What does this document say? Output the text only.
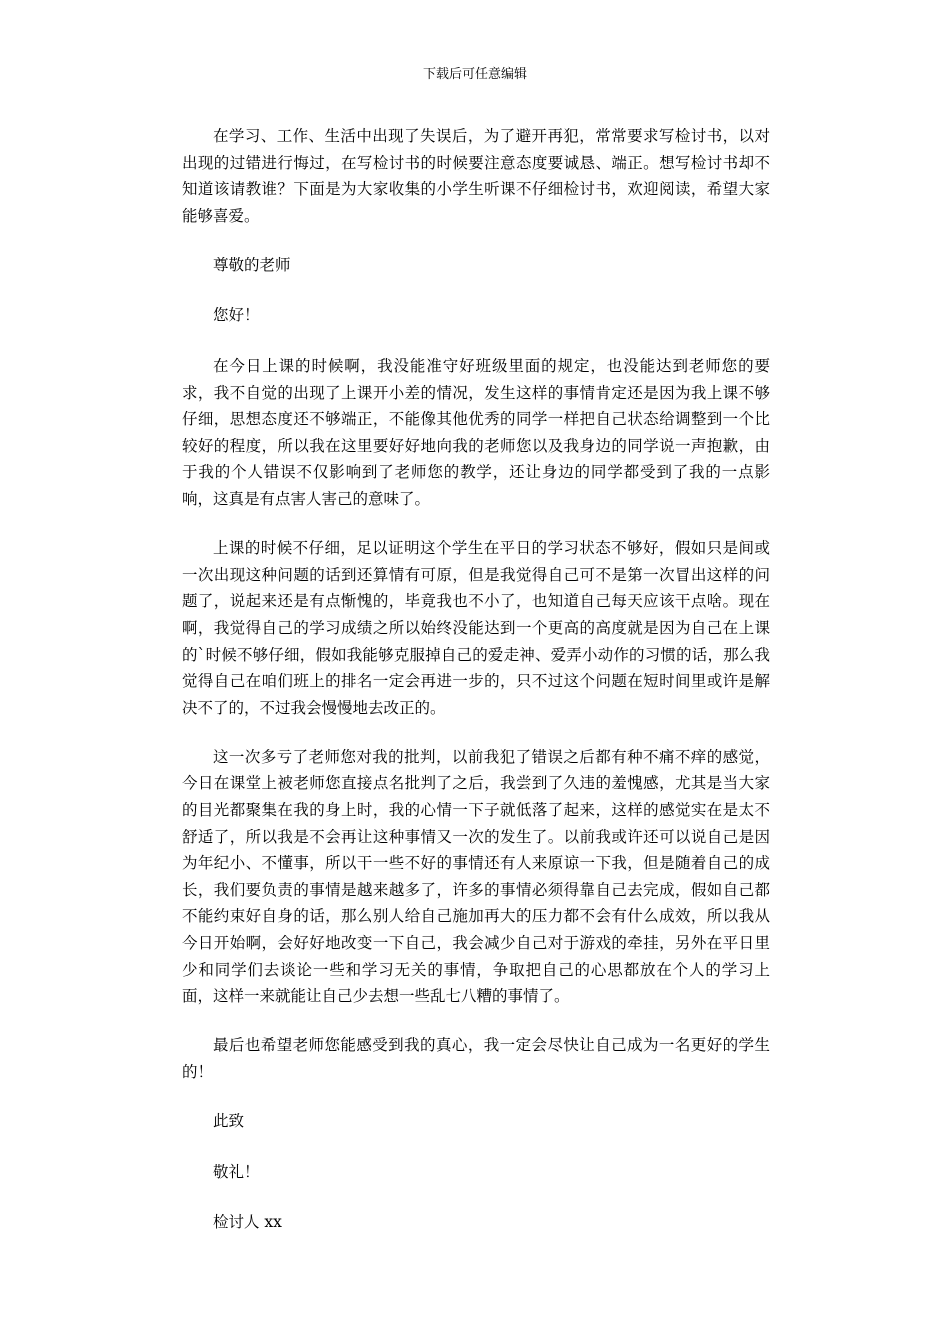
下载后可任意编辑

在学习、工作、生活中出现了失误后，为了避开再犯，常常要求写检讨书，以对出现的过错进行悔过，在写检讨书的时候要注意态度要诚恳、端正。想写检讨书却不知道该请教谁？下面是为大家收集的小学生听课不仔细检讨书，欢迎阅读，希望大家能够喜爱。

尊敬的老师

您好！

在今日上课的时候啊，我没能准守好班级里面的规定，也没能达到老师您的要求，我不自觉的出现了上课开小差的情况，发生这样的事情肯定还是因为我上课不够仔细，思想态度还不够端正，不能像其他优秀的同学一样把自己状态给调整到一个比较好的程度，所以我在这里要好好地向我的老师您以及我身边的同学说一声抱歉，由于我的个人错误不仅影响到了老师您的教学，还让身边的同学都受到了我的一点影响，这真是有点害人害己的意味了。

上课的时候不仔细，足以证明这个学生在平日的学习状态不够好，假如只是间或一次出现这种问题的话到还算情有可原，但是我觉得自己可不是第一次冒出这样的问题了，说起来还是有点惭愧的，毕竟我也不小了，也知道自己每天应该干点啥。现在啊，我觉得自己的学习成绩之所以始终没能达到一个更高的高度就是因为自己在上课的`时候不够仔细，假如我能够克服掉自己的爱走神、爱弄小动作的习惯的话，那么我觉得自己在咱们班上的排名一定会再进一步的，只不过这个问题在短时间里或许是解决不了的，不过我会慢慢地去改正的。

这一次多亏了老师您对我的批判，以前我犯了错误之后都有种不痛不痒的感觉，今日在课堂上被老师您直接点名批判了之后，我尝到了久违的羞愧感，尤其是当大家的目光都聚集在我的身上时，我的心情一下子就低落了起来，这样的感觉实在是太不舒适了，所以我是不会再让这种事情又一次的发生了。以前我或许还可以说自己是因为年纪小、不懂事，所以干一些不好的事情还有人来原谅一下我，但是随着自己的成长，我们要负责的事情是越来越多了，许多的事情必须得靠自己去完成，假如自己都不能约束好自身的话，那么别人给自己施加再大的压力都不会有什么成效，所以我从今日开始啊，会好好地改变一下自己，我会减少自己对于游戏的牵挂，另外在平日里少和同学们去谈论一些和学习无关的事情，争取把自己的心思都放在个人的学习上面，这样一来就能让自己少去想一些乱七八糟的事情了。

最后也希望老师您能感受到我的真心，我一定会尽快让自己成为一名更好的学生的！

此致

敬礼！

检讨人 xx
